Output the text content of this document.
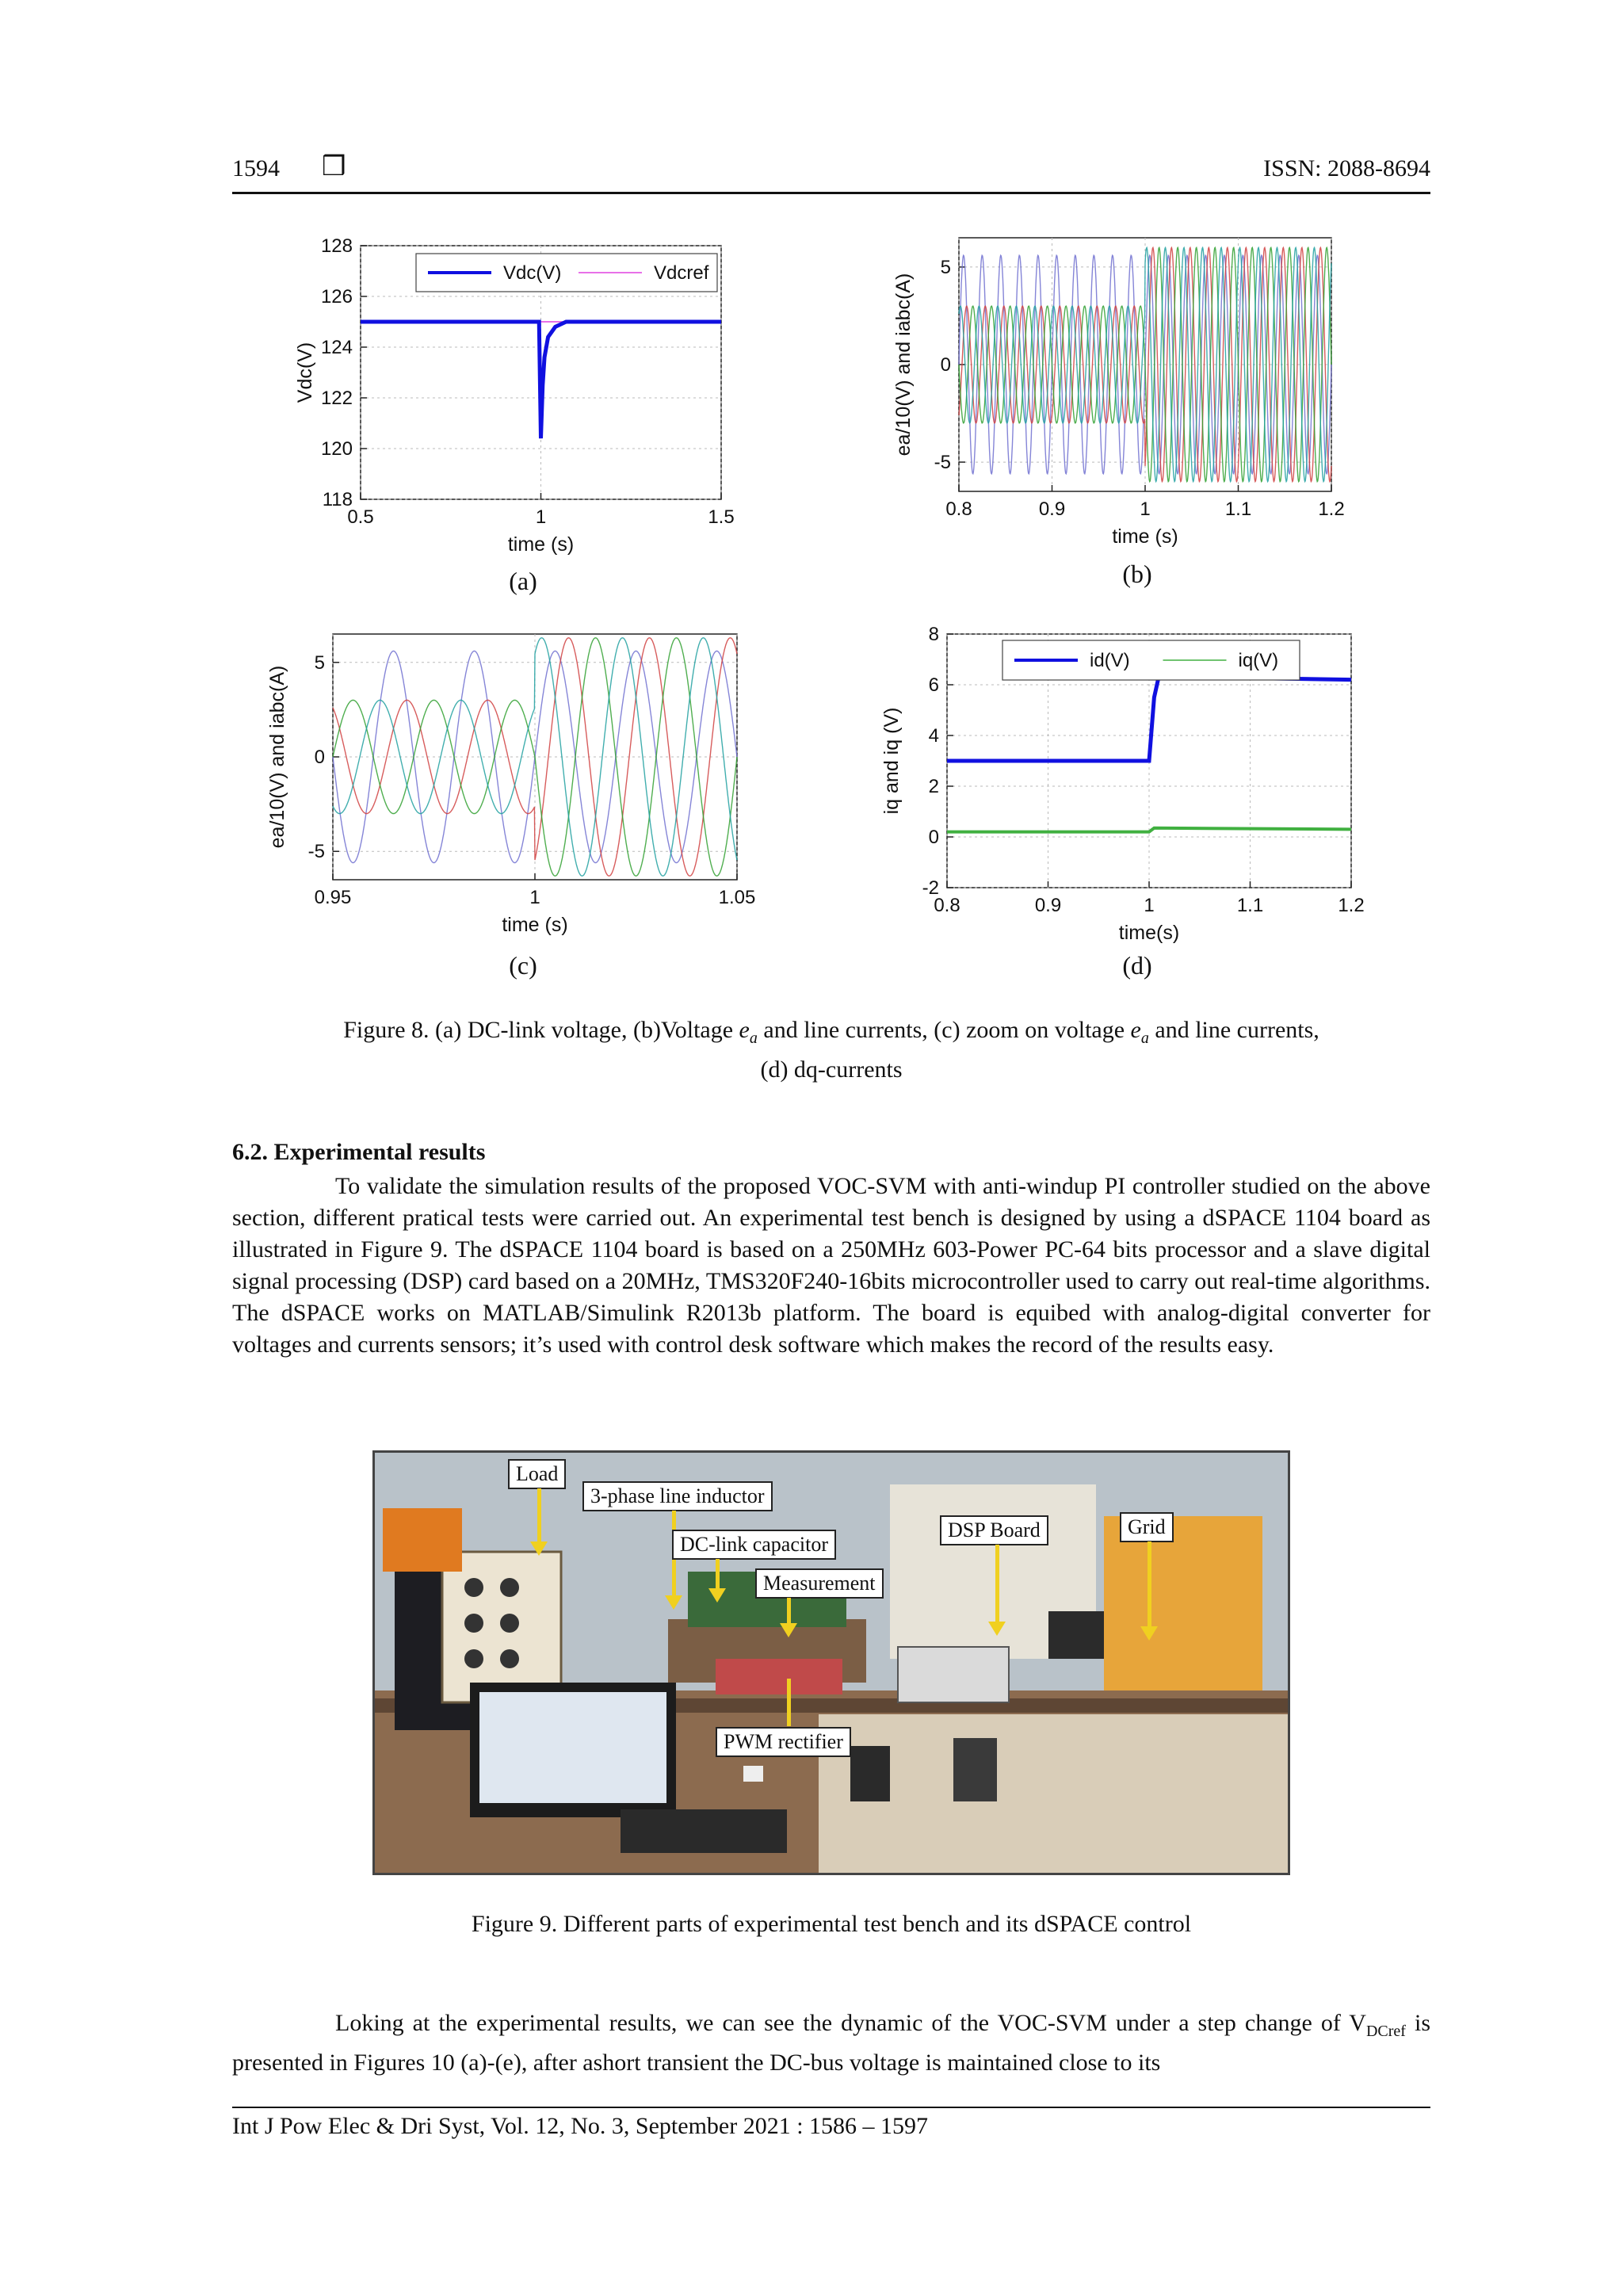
1594 ❒	ISSN: 2088-8694
0.5	1	1.5
118
120
122
124
126
128
time (s)
Vdc(V)
Vdc(V)	Vdcref
(a)
0.8	0.9	1	1.1	1.2
-5
0
5
time (s)
ea/10(V) and iabc(A)
(b)
0.95	1	1.05
-5
0
5
time (s)
ea/10(V) and iabc(A)
(c)
0.8	0.9	1	1.1	1.2
-2
0
2
4
6
8
time(s)
iq and iq (V)
id(V)	iq(V)
(d)
Figure 8. (a) DC-link voltage, (b)Voltage $e_a$ and line currents, (c) zoom on voltage $e_a$ and line currents,
(d) dq-currents
6.2. Experimental results
To validate the simulation results of the proposed VOC-SVM with anti-windup PI controller studied on the above section, different pratical tests were carried out. An experimental test bench is designed by using a dSPACE 1104 board as illustrated in Figure 9. The dSPACE 1104 board is based on a 250MHz 603-Power PC-64 bits processor and a slave digital signal processing (DSP) card based on a 20MHz, TMS320F240-16bits microcontroller used to carry out real-time algorithms. The dSPACE works on MATLAB/Simulink R2013b platform. The board is equibed with analog-digital converter for voltages and currents sensors; it’s used with control desk software which makes the record of the results easy.
Load
3-phase line inductor
DC-link capacitor
Measurement
DSP Board	Grid
PWM rectifier
Figure 9. Different parts of experimental test bench and its dSPACE control
Loking at the experimental results, we can see the dynamic of the VOC-SVM under a step change of $V_{DCref}$ is presented in Figures 10 (a)-(e), after ashort transient the DC-bus voltage is maintained close to its
Int J Pow Elec & Dri Syst, Vol. 12, No. 3, September 2021 : 1586 – 1597
